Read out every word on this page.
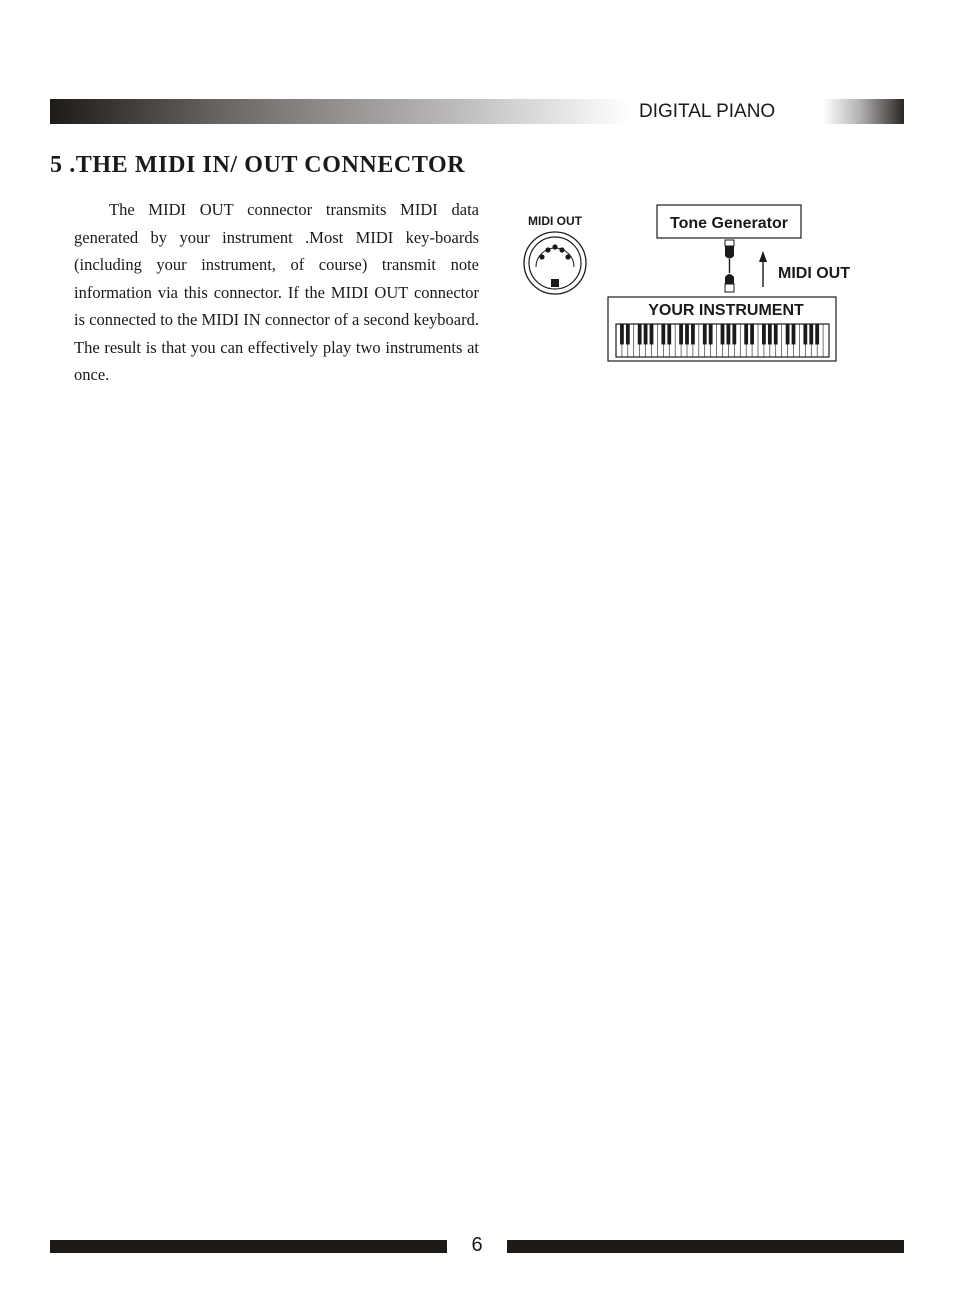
DIGITAL PIANO
5 .THE MIDI IN/ OUT CONNECTOR

The MIDI OUT connector transmits MIDI data generated by your instrument .Most MIDI key-boards (including your instrument, of course) transmit note information via this connector. If the MIDI OUT connector is connected to the MIDI IN connector of a second keyboard. The result is that you can effectively play two instruments at once.

MIDI OUT	Tone Generator
MIDI OUT
YOUR INSTRUMENT
6
